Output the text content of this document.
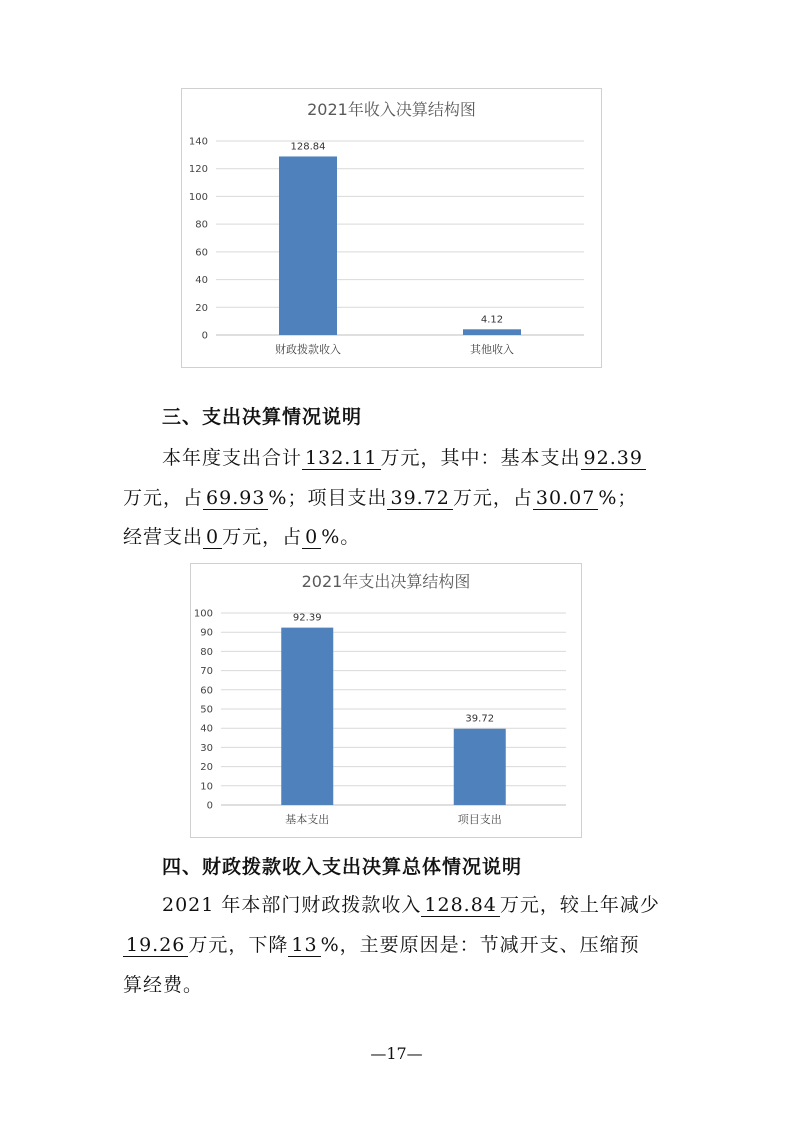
2021年收入决算结构图
0
20
40
60
80
100
120
140	128.84
财政拨款收入
4.12
其他收入
三、支出决算情况说明
本年度支出合计 132.11 万元，其中：基本支出 92.39
万元，占 69.93 %；项目支出 39.72 万元，占 30.07 %；
经营支出 0 万元，占 0 %。
2021年支出决算结构图
0
10
20
30
40
50
60
70
80
90
100	92.39
基本支出
39.72
项目支出
四、财政拨款收入支出决算总体情况说明
2021 年本部门财政拨款收入 128.84 万元，较上年减少
19.26 万元，下降 13 %，主要原因是：节减开支、压缩预
算经费。
—17—
